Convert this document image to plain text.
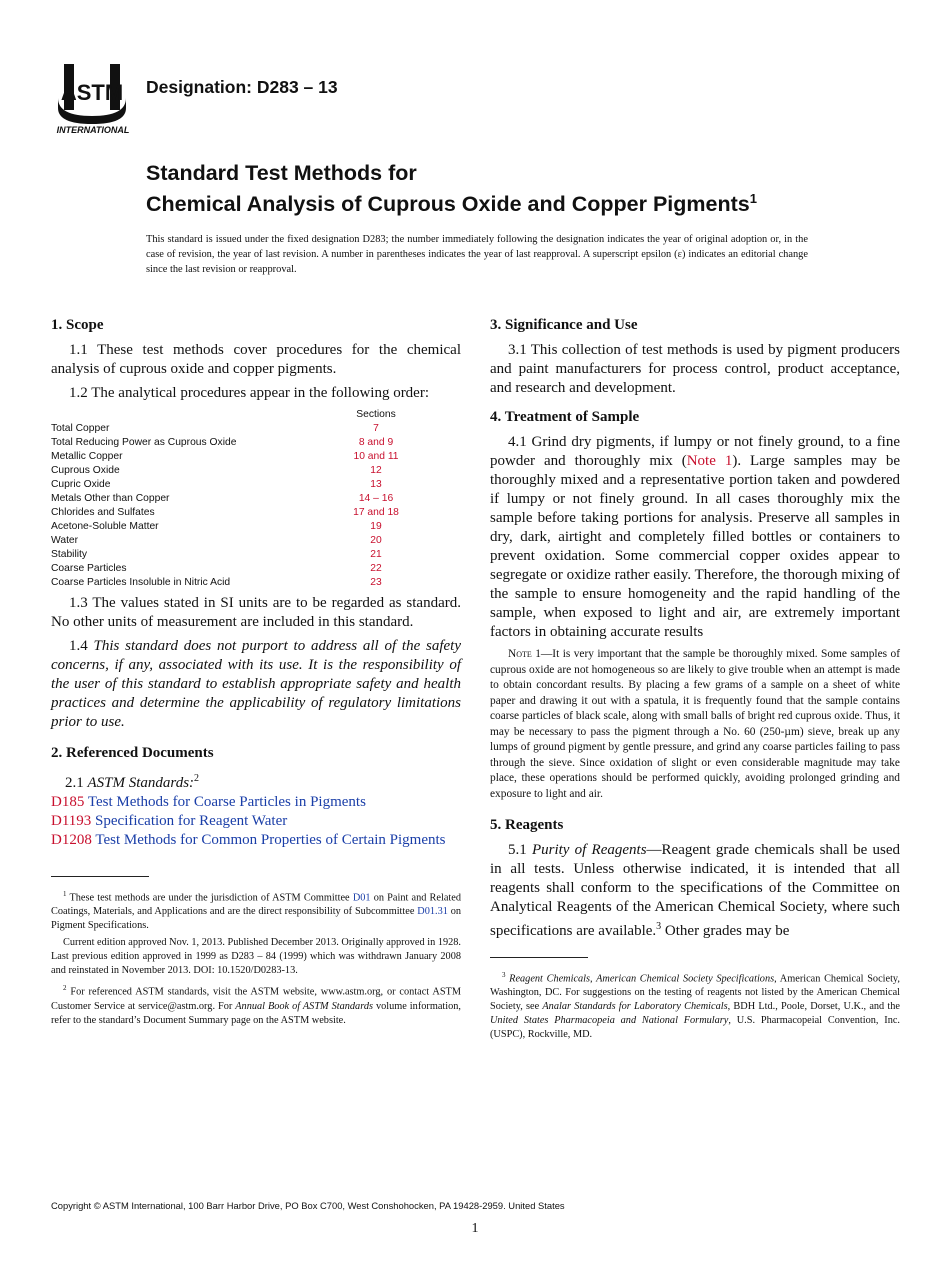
ASTM
INTERNATIONAL
Designation: D283 – 13
Standard Test Methods for
Chemical Analysis of Cuprous Oxide and Copper Pigments$^1$
This standard is issued under the fixed designation D283; the number immediately following the designation indicates the year of original adoption or, in the case of revision, the year of last revision. A number in parentheses indicates the year of last reapproval. A superscript epsilon (ε) indicates an editorial change since the last revision or reapproval.
1. Scope
1.1 These test methods cover procedures for the chemical analysis of cuprous oxide and copper pigments.
1.2 The analytical procedures appear in the following order:
Sections
Total Copper	7
Total Reducing Power as Cuprous Oxide	8 and 9
Metallic Copper	10 and 11
Cuprous Oxide	12
Cupric Oxide	13
Metals Other than Copper	14 – 16
Chlorides and Sulfates	17 and 18
Acetone-Soluble Matter	19
Water	20
Stability	21
Coarse Particles	22
Coarse Particles Insoluble in Nitric Acid	23
1.3 The values stated in SI units are to be regarded as standard. No other units of measurement are included in this standard.
1.4 This standard does not purport to address all of the safety concerns, if any, associated with its use. It is the responsibility of the user of this standard to establish appropriate safety and health practices and determine the applicability of regulatory limitations prior to use.
2. Referenced Documents
2.1 ASTM Standards:$^2$
D185 Test Methods for Coarse Particles in Pigments
D1193 Specification for Reagent Water
D1208 Test Methods for Common Properties of Certain Pigments
$^1$ These test methods are under the jurisdiction of ASTM Committee D01 on Paint and Related Coatings, Materials, and Applications and are the direct responsibility of Subcommittee D01.31 on Pigment Specifications.
Current edition approved Nov. 1, 2013. Published December 2013. Originally approved in 1928. Last previous edition approved in 1999 as D283 – 84 (1999) which was withdrawn January 2008 and reinstated in November 2013. DOI: 10.1520/D0283-13.
$^2$ For referenced ASTM standards, visit the ASTM website, www.astm.org, or contact ASTM Customer Service at service@astm.org. For Annual Book of ASTM Standards volume information, refer to the standard’s Document Summary page on the ASTM website.
3. Significance and Use
3.1 This collection of test methods is used by pigment producers and paint manufacturers for process control, product acceptance, and research and development.
4. Treatment of Sample
4.1 Grind dry pigments, if lumpy or not finely ground, to a fine powder and thoroughly mix (Note 1). Large samples may be thoroughly mixed and a representative portion taken and powdered if lumpy or not finely ground. In all cases thoroughly mix the sample before taking portions for analysis. Preserve all samples in dry, dark, airtight and completely filled bottles or containers to prevent oxidation. Some commercial copper oxides appear to segregate or oxidize rather easily. Therefore, the thorough mixing of the sample to ensure homogeneity and the rapid handling of the sample, when exposed to light and air, are extremely important factors in obtaining accurate results
Note 1—It is very important that the sample be thoroughly mixed. Some samples of cuprous oxide are not homogeneous so are likely to give trouble when an attempt is made to obtain concordant results. By placing a few grams of a sample on a sheet of white paper and drawing it out with a spatula, it is frequently found that the sample contains coarse particles of black scale, along with small balls of bright red cuprous oxide. Thus, it may be necessary to pass the pigment through a No. 60 (250-µm) sieve, break up any lumps of ground pigment by gentle pressure, and grind any coarse particles failing to pass through the sieve. Since oxidation of slight or even considerable magnitude may take place, these operations should be performed quickly, avoiding prolonged grinding and exposure to light and air.
5. Reagents
5.1 Purity of Reagents—Reagent grade chemicals shall be used in all tests. Unless otherwise indicated, it is intended that all reagents shall conform to the specifications of the Committee on Analytical Reagents of the American Chemical Society, where such specifications are available.$^3$ Other grades may be
$^3$ Reagent Chemicals, American Chemical Society Specifications, American Chemical Society, Washington, DC. For suggestions on the testing of reagents not listed by the American Chemical Society, see Analar Standards for Laboratory Chemicals, BDH Ltd., Poole, Dorset, U.K., and the United States Pharmacopeia and National Formulary, U.S. Pharmacopeial Convention, Inc. (USPC), Rockville, MD.
Copyright © ASTM International, 100 Barr Harbor Drive, PO Box C700, West Conshohocken, PA 19428-2959. United States
1
